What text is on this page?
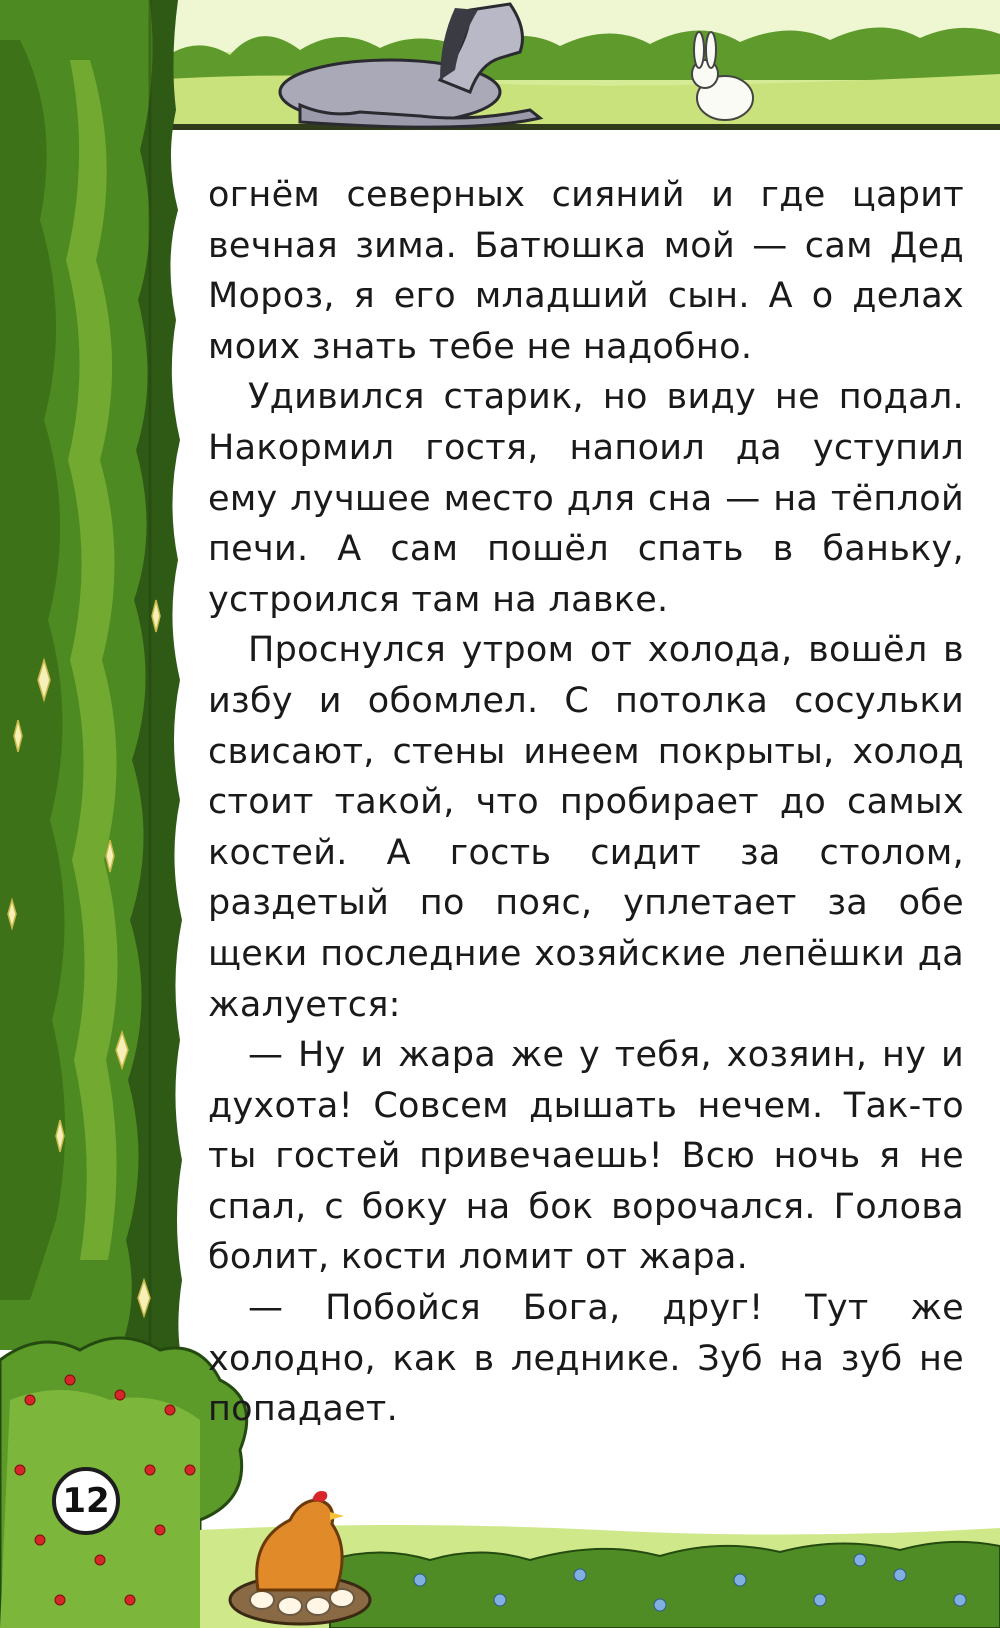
огнём северных сияний и где царит вечная зима. Батюшка мой — сам Дед Мороз, я его младший сын. А о делах моих знать тебе не надобно.

Удивился старик, но виду не подал. Накормил гостя, напоил да уступил ему лучшее место для сна — на тёплой печи. А сам пошёл спать в баньку, устроился там на лавке.

Проснулся утром от холода, вошёл в избу и обомлел. С потолка сосульки свисают, стены инеем покрыты, холод стоит такой, что пробирает до самых костей. А гость сидит за столом, раздетый по пояс, уплетает за обе щеки последние хозяйские лепёшки да жалуется:

— Ну и жара же у тебя, хозяин, ну и духота! Совсем дышать нечем. Так-то ты гостей привечаешь! Всю ночь я не спал, с боку на бок ворочался. Голова болит, кости ломит от жара.

— Побойся Бога, друг! Тут же холодно, как в леднике. Зуб на зуб не попадает.

12
